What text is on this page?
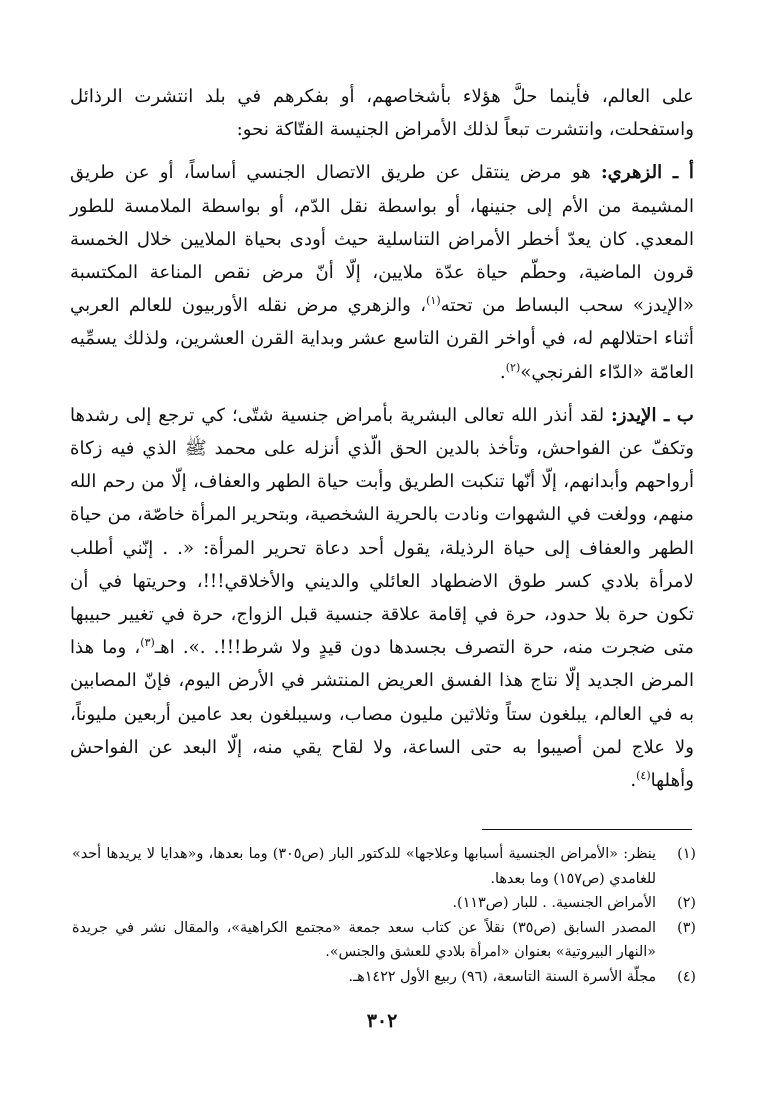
على العالم، فأينما حلَّ هؤلاء بأشخاصهم، أو بفكرهم في بلد انتشرت الرذائل واستفحلت، وانتشرت تبعاً لذلك الأمراض الجنيسة الفتّاكة نحو:

أ ـ الزهري: هو مرض ينتقل عن طريق الاتصال الجنسي أساساً، أو عن طريق المشيمة من الأم إلى جنينها، أو بواسطة نقل الدّم، أو بواسطة الملامسة للطور المعدي. كان يعدّ أخطر الأمراض التناسلية حيث أودى بحياة الملايين خلال الخمسة قرون الماضية، وحطّم حياة عدّة ملايين، إلّا أنّ مرض نقص المناعة المكتسبة «الإيدز» سحب البساط من تحته$^{(١)}$، والزهري مرض نقله الأوربيون للعالم العربي أثناء احتلالهم له، في أواخر القرن التاسع عشر وبداية القرن العشرين، ولذلك يسمِّيه العامّة «الدّاء الفرنجي»$^{(٢)}$.

ب ـ الإيدز: لقد أنذر الله تعالى البشرية بأمراض جنسية شتّى؛ كي ترجع إلى رشدها وتكفّ عن الفواحش، وتأخذ بالدين الحق الّذي أنزله على محمد ﷺ الذي فيه زكاة أرواحهم وأبدانهم، إلّا أنّها تنكبت الطريق وأبت حياة الطهر والعفاف، إلّا من رحم الله منهم، وولغت في الشهوات ونادت بالحرية الشخصية، وبتحرير المرأة خاصّة، من حياة الطهر والعفاف إلى حياة الرذيلة، يقول أحد دعاة تحرير المرأة: «. . إنّني أطلب لامرأة بلادي كسر طوق الاضطهاد العائلي والديني والأخلاقي!!!، وحريتها في أن تكون حرة بلا حدود، حرة في إقامة علاقة جنسية قبل الزواج، حرة في تغيير حبيبها متى ضجرت منه، حرة التصرف بجسدها دون قيدٍ ولا شرط!!!. .». اهـ$^{(٣)}$، وما هذا المرض الجديد إلّا نتاج هذا الفسق العريض المنتشر في الأرض اليوم، فإنّ المصابين به في العالم، يبلغون ستاً وثلاثين مليون مصاب، وسيبلغون بعد عامين أربعين مليوناً، ولا علاج لمن أصيبوا به حتى الساعة، ولا لقاح يقي منه، إلّا البعد عن الفواحش وأهلها$^{(٤)}$.

(١)
ينظر: «الأمراض الجنسية أسبابها وعلاجها» للدكتور البار (ص٣٠٥) وما بعدها، و«هدايا لا يريدها أحد» للغامدي (ص١٥٧) وما بعدها.
(٢)
الأمراض الجنسية. . للبار (ص١١٣).
(٣)
المصدر السابق (ص٣٥) نقلاً عن كتاب سعد جمعة «مجتمع الكراهية»، والمقال نشر في جريدة «النهار البيروتية» بعنوان «امرأة بلادي للعشق والجنس».
(٤)
مجلّة الأسرة السنة التاسعة، (٩٦) ربيع الأول ١٤٢٢هـ.
٣٠٢
